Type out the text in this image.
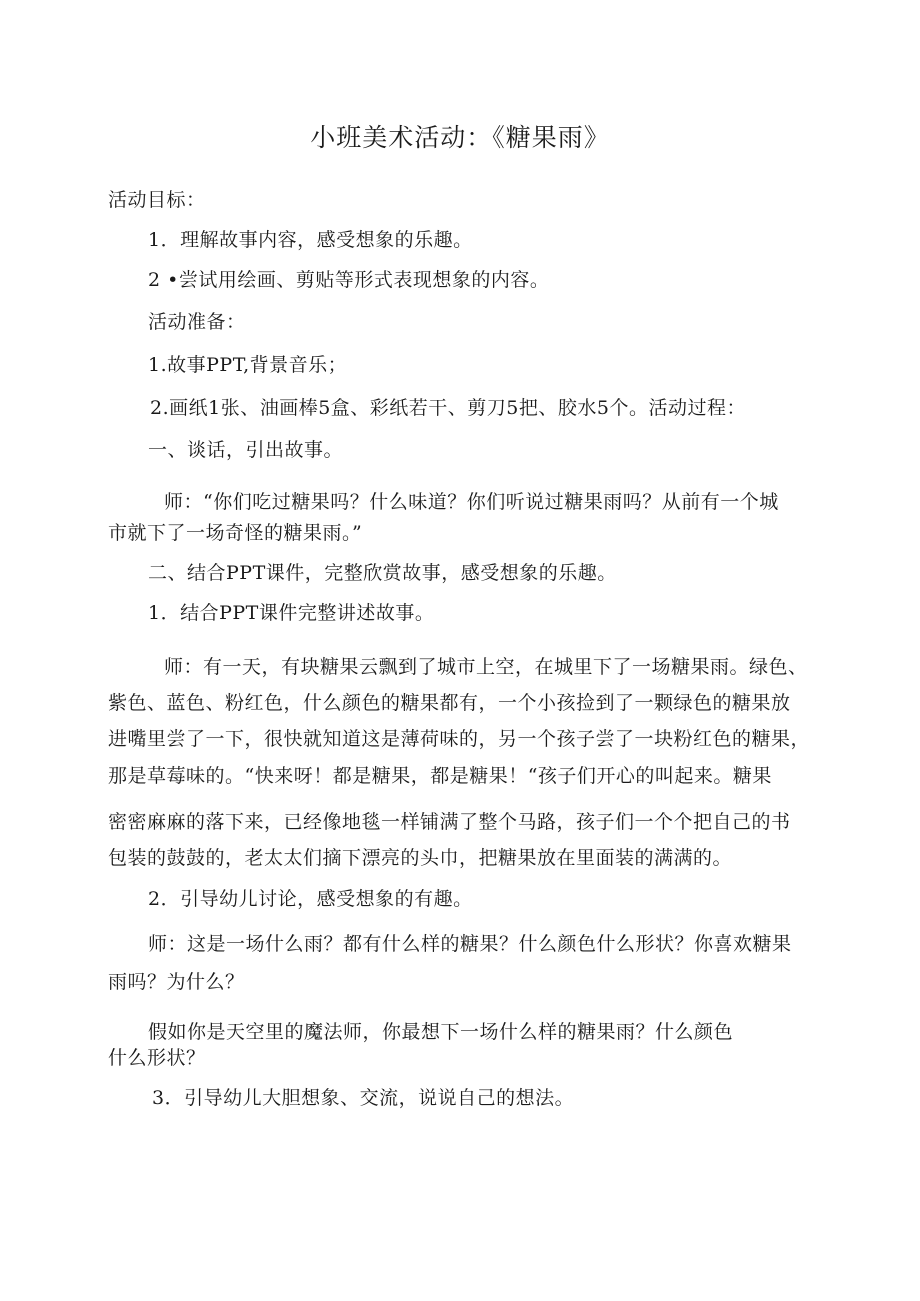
小班美术活动：《糖果雨》
活动目标：
1．理解故事内容，感受想象的乐趣。
2 •尝试用绘画、剪贴等形式表现想象的内容。
活动准备：
1.故事PPT,背景音乐；
2.画纸1张、油画棒5盒、彩纸若干、剪刀5把、胶水5个。活动过程：
一、谈话，引出故事。
师：“你们吃过糖果吗？什么味道？你们听说过糖果雨吗？从前有一个城
市就下了一场奇怪的糖果雨。”
二、结合PPT课件，完整欣赏故事，感受想象的乐趣。
1．结合PPT课件完整讲述故事。
师：有一天，有块糖果云飘到了城市上空，在城里下了一场糖果雨。绿色、
紫色、蓝色、粉红色，什么颜色的糖果都有，一个小孩捡到了一颗绿色的糖果放
进嘴里尝了一下，很快就知道这是薄荷味的，另一个孩子尝了一块粉红色的糖果，
那是草莓味的。“快来呀！都是糖果，都是糖果！“孩子们开心的叫起来。糖果
密密麻麻的落下来，已经像地毯一样铺满了整个马路，孩子们一个个把自己的书
包装的鼓鼓的，老太太们摘下漂亮的头巾，把糖果放在里面装的满满的。
2．引导幼儿讨论，感受想象的有趣。
师：这是一场什么雨？都有什么样的糖果？什么颜色什么形状？你喜欢糖果
雨吗？为什么？
假如你是天空里的魔法师，你最想下一场什么样的糖果雨？什么颜色
什么形状？
3．引导幼儿大胆想象、交流，说说自己的想法。
